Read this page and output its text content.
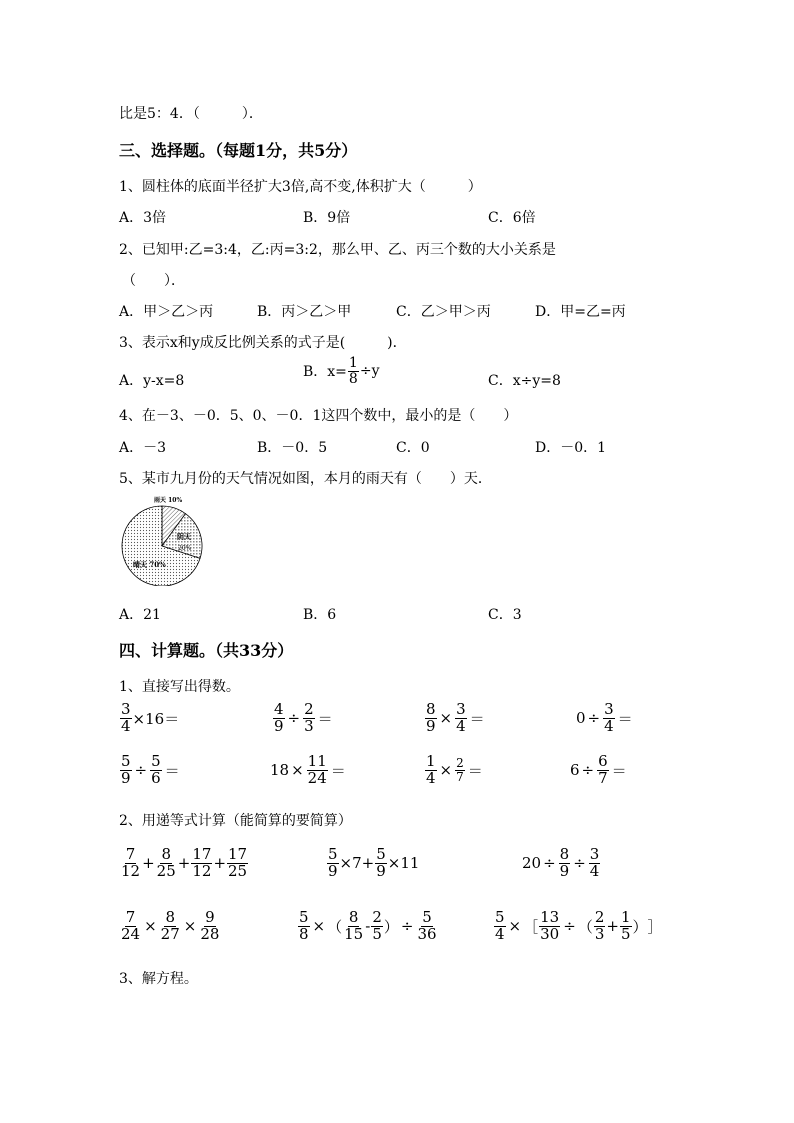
比是5：4．（　　　）．
三、选择题。（每题1分，共5分）
1、圆柱体的底面半径扩大3倍,高不变,体积扩大（　　　）
A．3倍	B．9倍	C．6倍
2、已知甲:乙=3:4，乙:丙=3:2，那么甲、乙、丙三个数的大小关系是
（　　）．
A．甲＞乙＞丙	B．丙＞乙＞甲	C．乙＞甲＞丙	D．甲=乙=丙
3、表示x和y成反比例关系的式子是(　　　)．
A．y-x=8
B．$x= \frac{1}{8} \div y$
C．x÷y=8
4、在－3、－0．5、0、－0．1这四个数中，最小的是（　　）
A．－3	B．－0．5	C．0	D．－0．1
5、某市九月份的天气情况如图，本月的雨天有（　　）天．
雨天 10%
阴天
20%
晴天 70%
A．21	B．6	C．3
四、计算题。（共33分）
1、直接写出得数。
$\frac{3}{4} \times 16=$	$\frac{4}{9} \div \frac{2}{3}$ ＝	$\frac{8}{9} \times \frac{3}{4}$ ＝	$0 \div \frac{3}{4}$ ＝
$\frac{5}{9} \div \frac{5}{6}$ ＝	$18 \times \frac{11}{24}$ ＝	$\frac{1}{4} \times \frac{2}{7}$ ＝	$6 \div \frac{6}{7}$ ＝
2、用递等式计算（能简算的要简算）
$\frac{7}{12} + \frac{8}{25} + \frac{17}{12} + \frac{17}{25}$	$\frac{5}{9} \times 7+ \frac{5}{9} \times 11$	$20 \div \frac{8}{9} \div \frac{3}{4}$
$\frac{7}{24} \times \frac{8}{27} \times \frac{9}{28}$	$\frac{5}{8}$ × （ $\frac{8}{15} - \frac{2}{5}$ ） ÷ $\frac{5}{36}$	$\frac{5}{4}$ × ［ $\frac{13}{30}$ ÷ （ $\frac{2}{3} + \frac{1}{5}$ ） ］
3、解方程。
